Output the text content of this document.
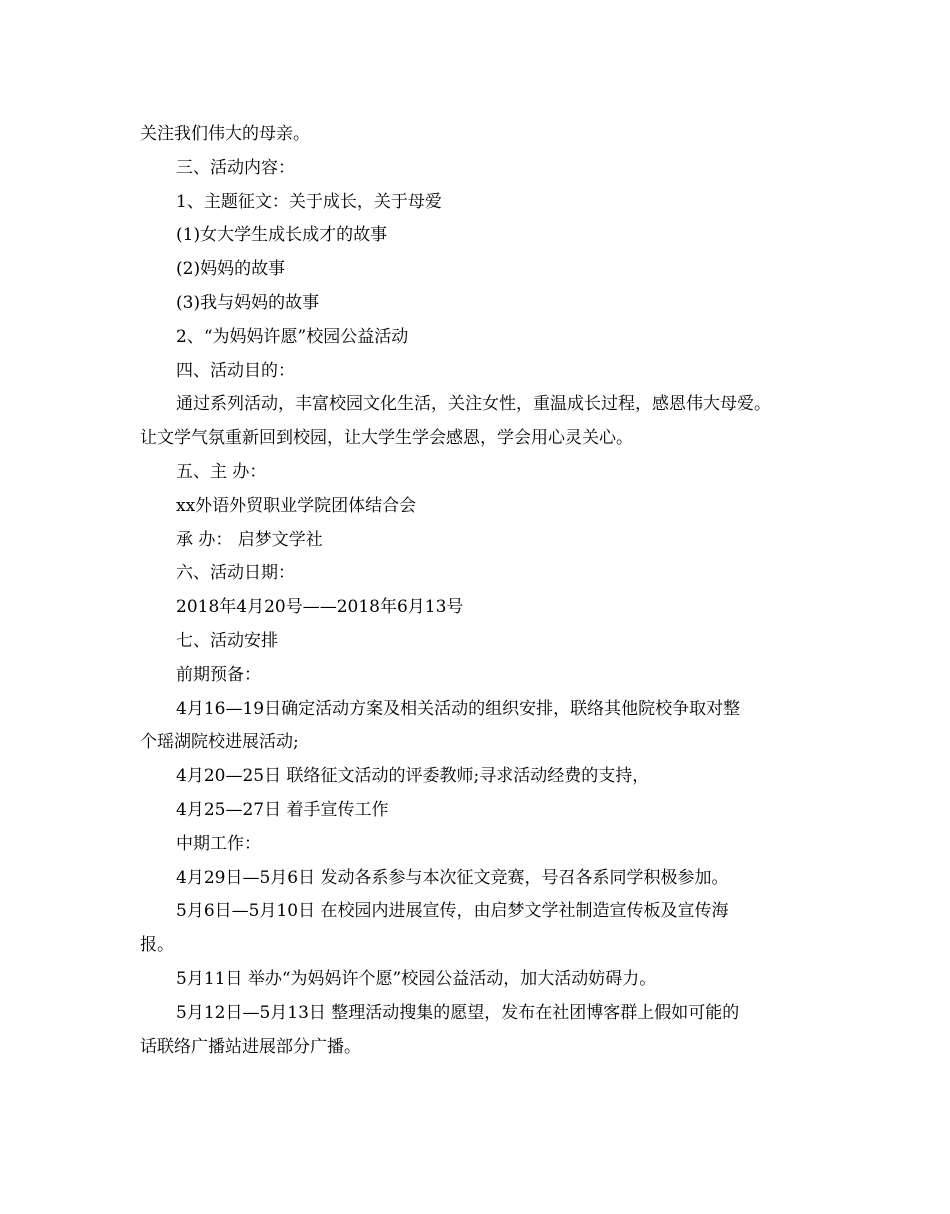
关注我们伟大的母亲。
三、活动内容：
1、主题征文：关于成长，关于母爱
(1)女大学生成长成才的故事
(2)妈妈的故事
(3)我与妈妈的故事
2、“为妈妈许愿”校园公益活动
四、活动目的：
通过系列活动，丰富校园文化生活，关注女性，重温成长过程，感恩伟大母爱。
让文学气氛重新回到校园，让大学生学会感恩，学会用心灵关心。
五、主 办：
xx外语外贸职业学院团体结合会
承 办： 启梦文学社
六、活动日期：
2018年4月20号——2018年6月13号
七、活动安排
前期预备：
4月16—19日确定活动方案及相关活动的组织安排，联络其他院校争取对整
个瑶湖院校进展活动;
4月20—25日 联络征文活动的评委教师;寻求活动经费的支持，
4月25—27日 着手宣传工作
中期工作：
4月29日—5月6日 发动各系参与本次征文竞赛，号召各系同学积极参加。
5月6日—5月10日 在校园内进展宣传，由启梦文学社制造宣传板及宣传海
报。
5月11日 举办“为妈妈许个愿”校园公益活动，加大活动妨碍力。
5月12日—5月13日 整理活动搜集的愿望，发布在社团博客群上假如可能的
话联络广播站进展部分广播。
